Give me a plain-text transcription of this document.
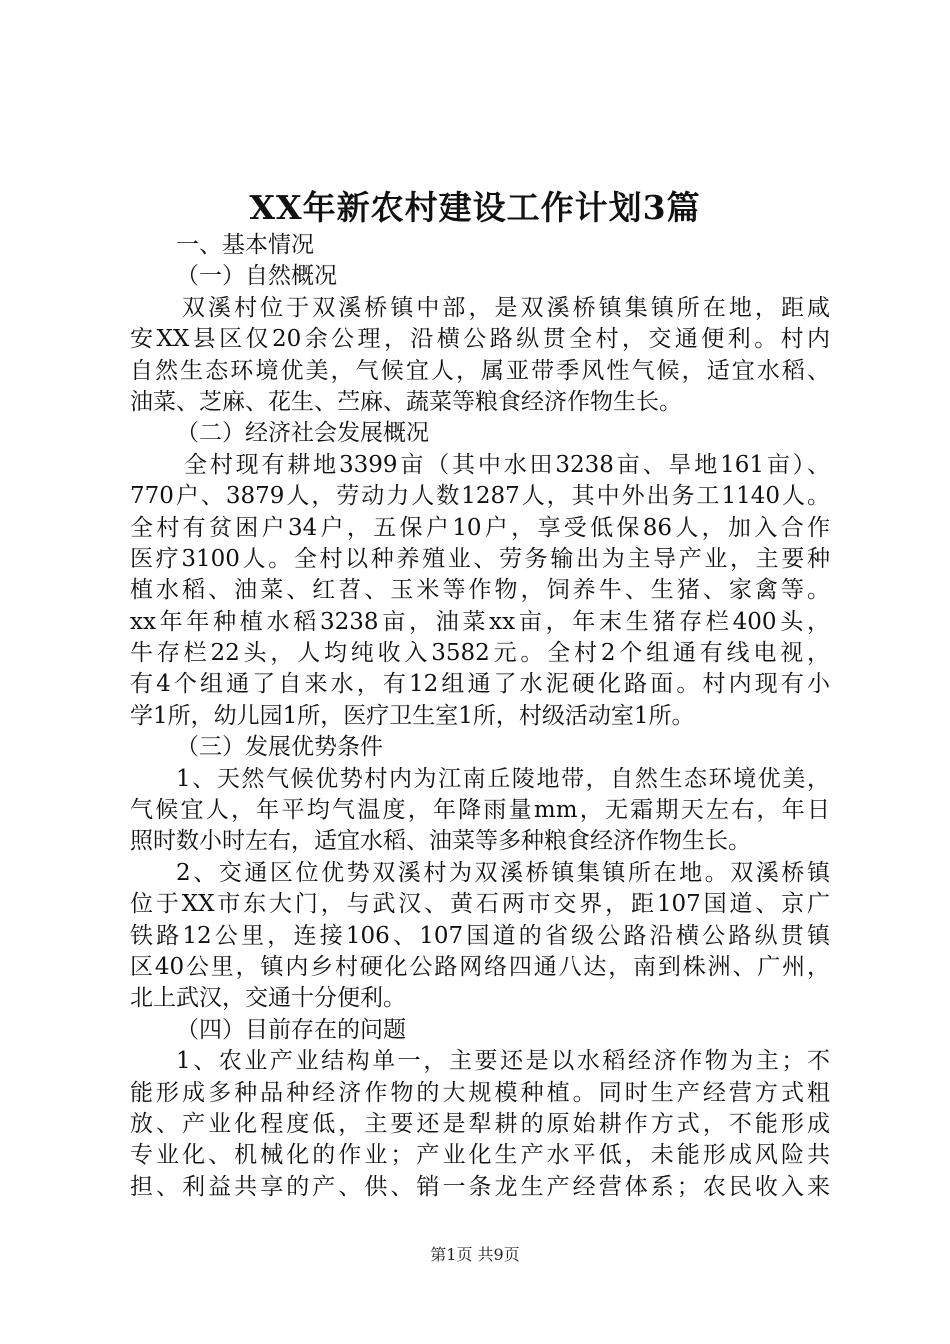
XX年新农村建设工作计划3篇
一、基本情况
（一）自然概况
双溪村位于双溪桥镇中部，是双溪桥镇集镇所在地，距咸
安XX县区仅20余公理，沿横公路纵贯全村，交通便利。村内
自然生态环境优美，气候宜人，属亚带季风性气候，适宜水稻、
油菜、芝麻、花生、苎麻、蔬菜等粮食经济作物生长。
（二）经济社会发展概况
全村现有耕地3399亩（其中水田3238亩、旱地161亩）、
770户、3879人，劳动力人数1287人，其中外出务工1140人。
全村有贫困户34户，五保户10户，享受低保86人，加入合作
医疗3100人。全村以种养殖业、劳务输出为主导产业，主要种
植水稻、油菜、红苕、玉米等作物，饲养牛、生猪、家禽等。
xx年年种植水稻3238亩，油菜xx亩，年末生猪存栏400头，
牛存栏22头，人均纯收入3582元。全村2个组通有线电视，
有4个组通了自来水，有12组通了水泥硬化路面。村内现有小
学1所，幼儿园1所，医疗卫生室1所，村级活动室1所。
（三）发展优势条件
1、天然气候优势村内为江南丘陵地带，自然生态环境优美，
气候宜人，年平均气温度，年降雨量mm，无霜期天左右，年日
照时数小时左右，适宜水稻、油菜等多种粮食经济作物生长。
2、交通区位优势双溪村为双溪桥镇集镇所在地。双溪桥镇
位于XX市东大门，与武汉、黄石两市交界，距107国道、京广
铁路12公里，连接106、107国道的省级公路沿横公路纵贯镇
区40公里，镇内乡村硬化公路网络四通八达，南到株洲、广州，
北上武汉，交通十分便利。
（四）目前存在的问题
1、农业产业结构单一，主要还是以水稻经济作物为主；不
能形成多种品种经济作物的大规模种植。同时生产经营方式粗
放、产业化程度低，主要还是犁耕的原始耕作方式，不能形成
专业化、机械化的作业；产业化生产水平低，未能形成风险共
担、利益共享的产、供、销一条龙生产经营体系；农民收入来
第1页 共9页
